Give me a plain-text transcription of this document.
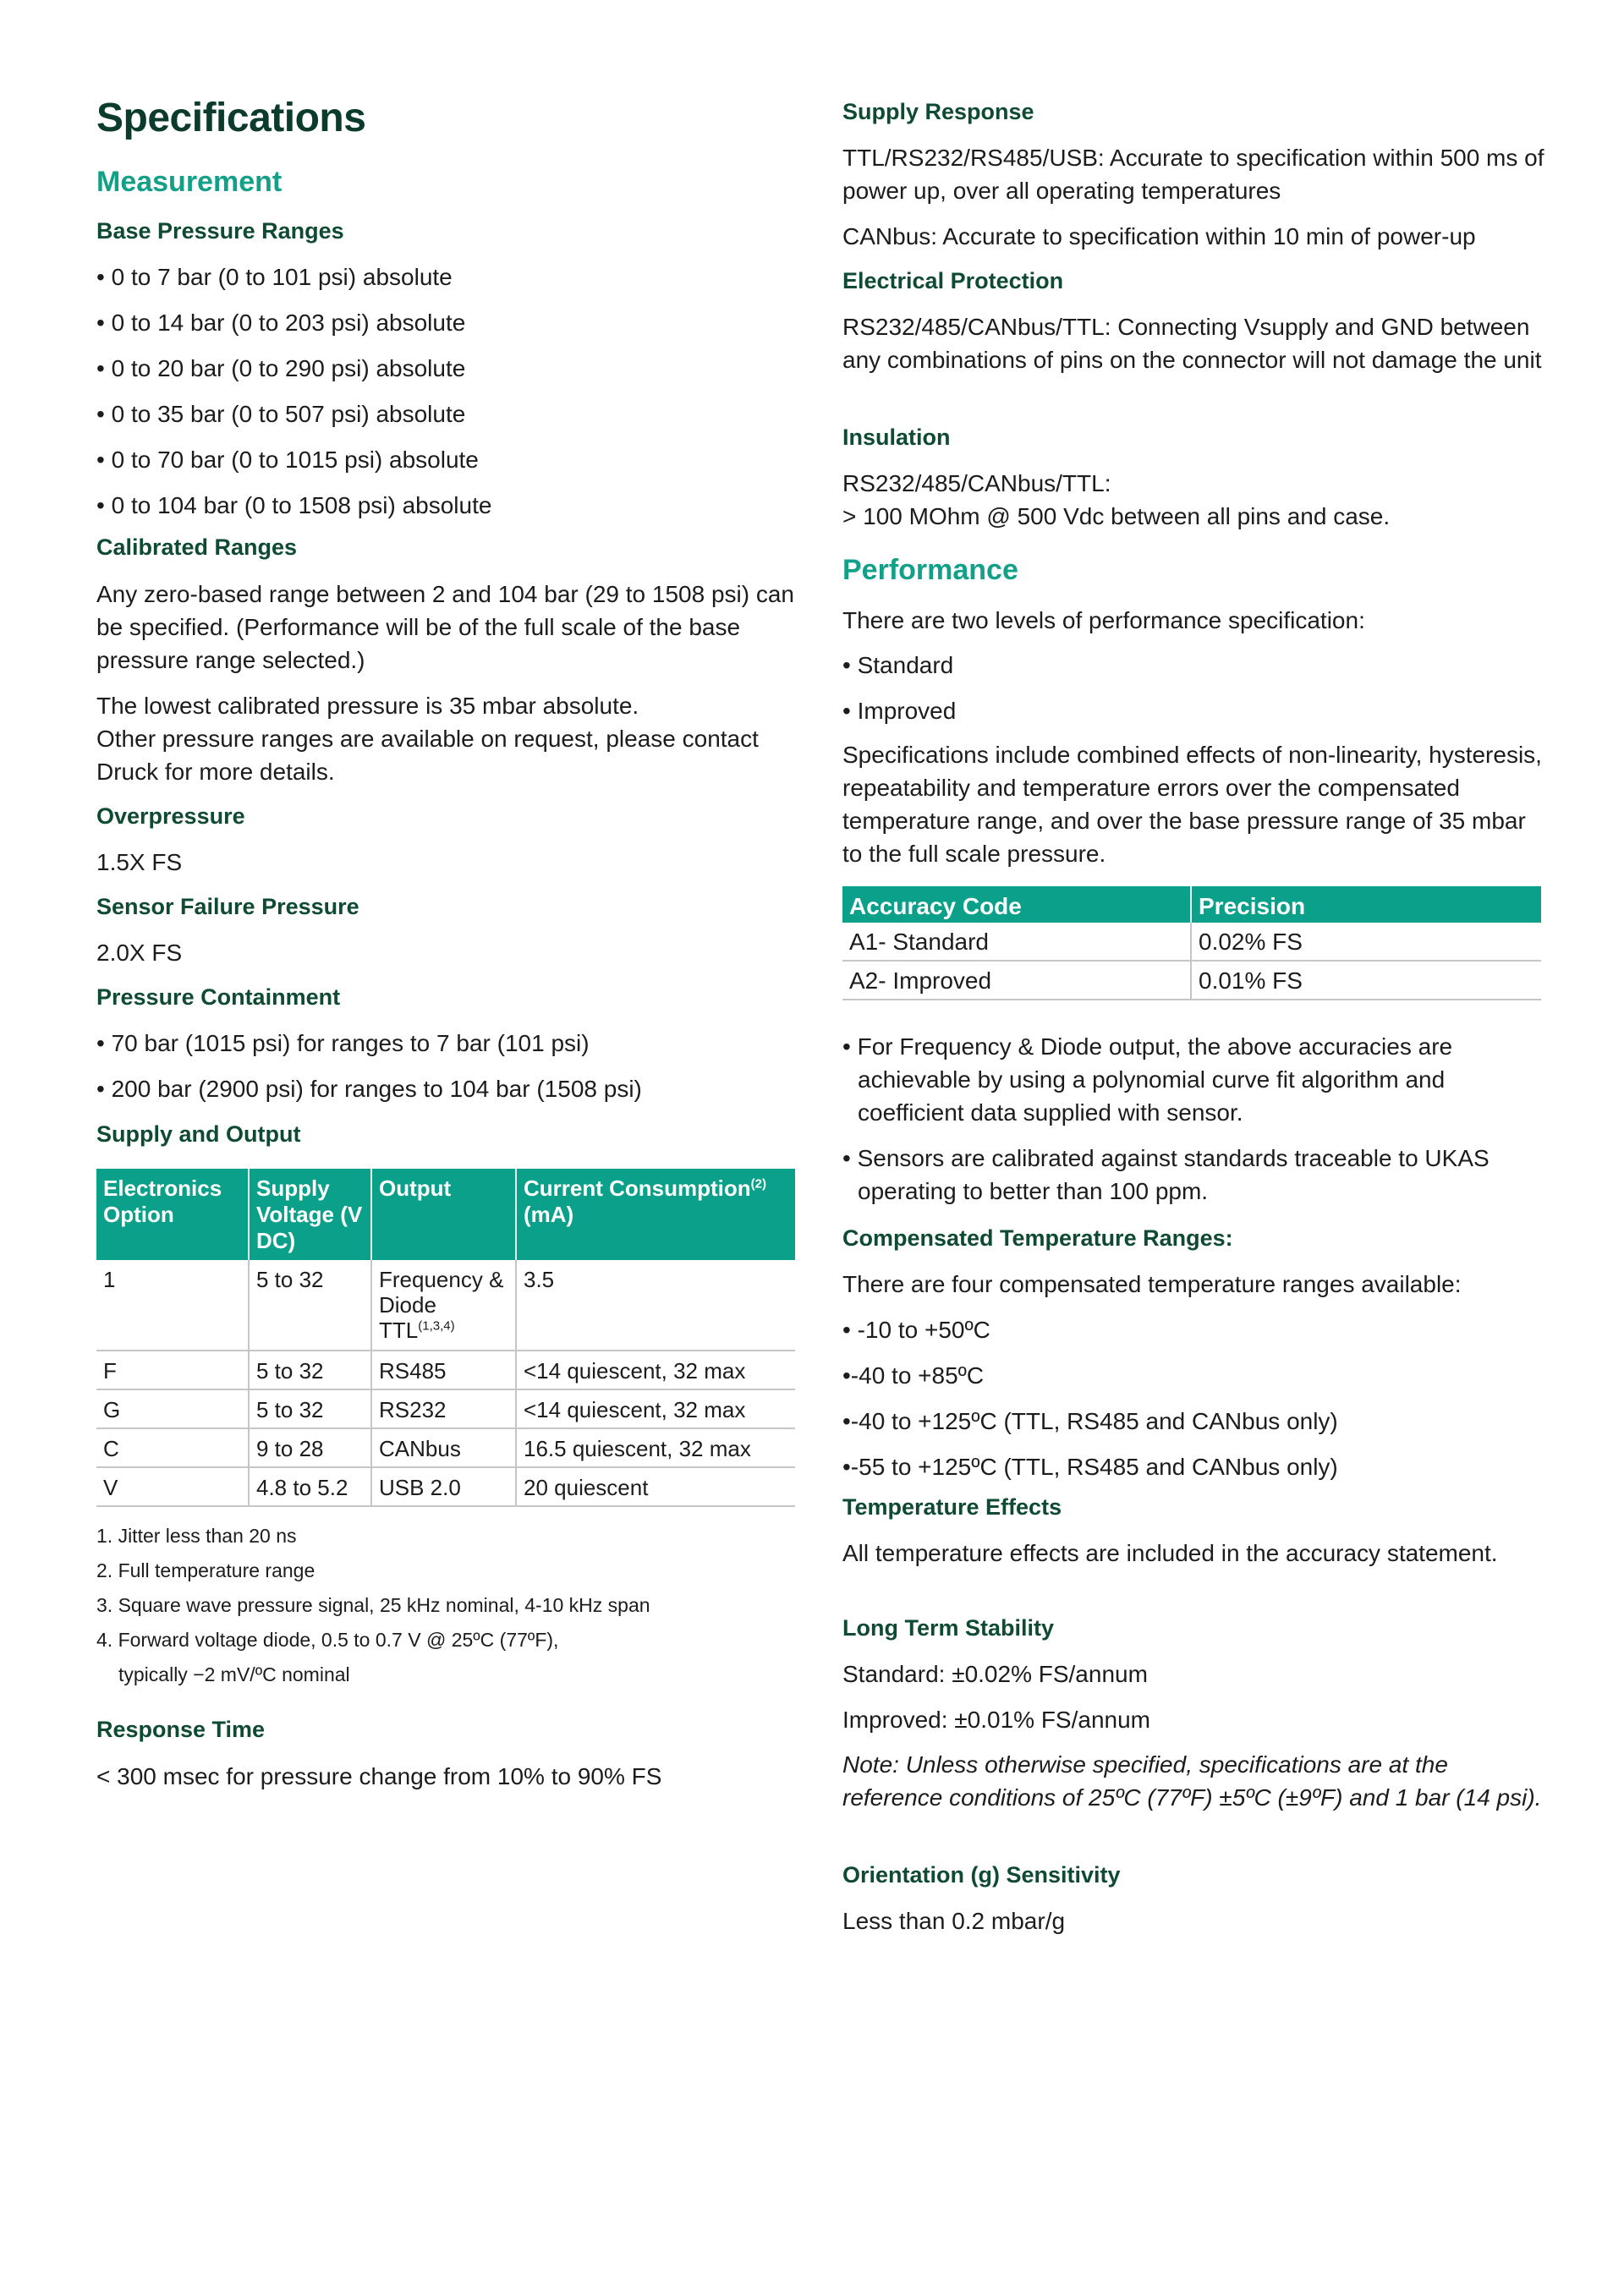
Specifications
Measurement
Base Pressure Ranges

• 0 to 7 bar (0 to 101 psi) absolute

• 0 to 14 bar (0 to 203 psi) absolute

• 0 to 20 bar (0 to 290 psi) absolute

• 0 to 35 bar (0 to 507 psi) absolute

• 0 to 70 bar (0 to 1015 psi) absolute

• 0 to 104 bar (0 to 1508 psi) absolute

Calibrated Ranges

Any zero-based range between 2 and 104 bar (29 to 1508 psi) can be specified. (Performance will be of the full scale of the base pressure range selected.)

The lowest calibrated pressure is 35 mbar absolute.

Other pressure ranges are available on request, please contact Druck for more details.

Overpressure

1.5X FS

Sensor Failure Pressure

2.0X FS

Pressure Containment

• 70 bar (1015 psi) for ranges to 7 bar (101 psi)

• 200 bar (2900 psi) for ranges to 104 bar (1508 psi)

Supply and Output
Electronics Option	Supply Voltage (V DC)	Output	Current Consumption$^{(2)}$
(mA)
1	5 to 32	Frequency & Diode TTL$^{(1,3,4)}$	3.5
F	5 to 32	RS485	<14 quiescent, 32 max
G	5 to 32	RS232	<14 quiescent, 32 max
C	9 to 28	CANbus	16.5 quiescent, 32 max
V	4.8 to 5.2	USB 2.0	20 quiescent

1. Jitter less than 20 ns

2. Full temperature range

3. Square wave pressure signal, 25 kHz nominal, 4-10 kHz span

4. Forward voltage diode, 0.5 to 0.7 V @ 25ºC (77ºF),

typically −2 mV/ºC nominal

Response Time

< 300 msec for pressure change from 10% to 90% FS

Supply Response

TTL/RS232/RS485/USB: Accurate to specification within 500 ms of power up, over all operating temperatures

CANbus: Accurate to specification within 10 min of power-up

Electrical Protection

RS232/485/CANbus/TTL: Connecting Vsupply and GND between any combinations of pins on the connector will not damage the unit

Insulation

RS232/485/CANbus/TTL:

> 100 MOhm @ 500 Vdc between all pins and case.

Performance

There are two levels of performance specification:

• Standard

• Improved

Specifications include combined effects of non-linearity, hysteresis, repeatability and temperature errors over the compensated temperature range, and over the base pressure range of 35 mbar to the full scale pressure.

Accuracy Code	Precision
A1- Standard	0.02% FS
A2- Improved	0.01% FS

• For Frequency & Diode output, the above accuracies are achievable by using a polynomial curve fit algorithm and coefficient data supplied with sensor.

• Sensors are calibrated against standards traceable to UKAS operating to better than 100 ppm.

Compensated Temperature Ranges:

There are four compensated temperature ranges available:

• -10 to +50ºC

•-40 to +85ºC

•-40 to +125ºC (TTL, RS485 and CANbus only)

•-55 to +125ºC (TTL, RS485 and CANbus only)

Temperature Effects

All temperature effects are included in the accuracy statement.

Long Term Stability

Standard: ±0.02% FS/annum

Improved: ±0.01% FS/annum

Note: Unless otherwise specified, specifications are at the reference conditions of 25ºC (77ºF) ±5ºC (±9ºF) and 1 bar (14 psi).

Orientation (g) Sensitivity

Less than 0.2 mbar/g
